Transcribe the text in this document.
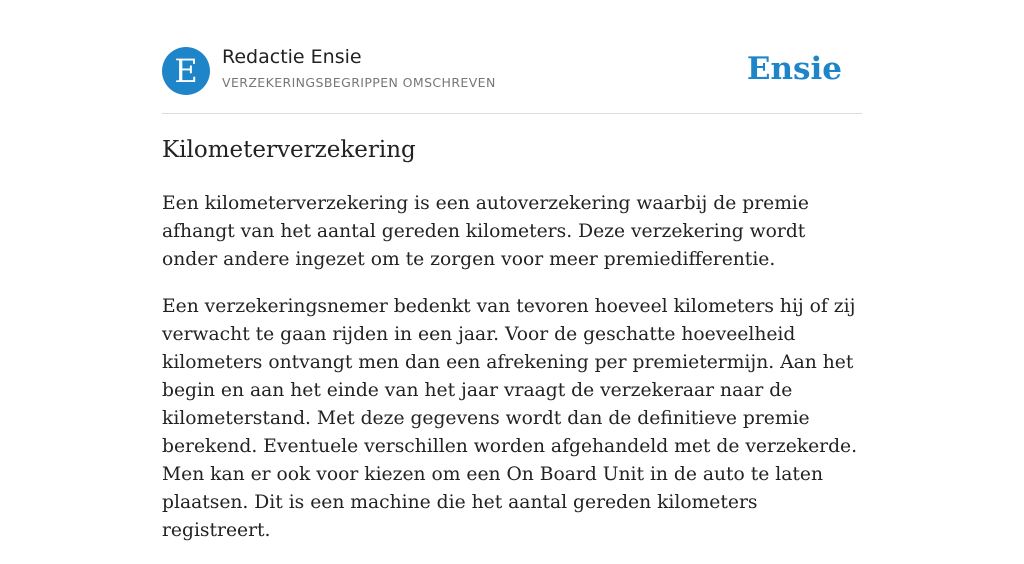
E	Redactie Ensie
VERZEKERINGSBEGRIPPEN OMSCHREVEN	Ensie
Kilometerverzekering

Een kilometerverzekering is een autoverzekering waarbij de premie afhangt van het aantal gereden kilometers. Deze verzekering wordt onder andere ingezet om te zorgen voor meer premiedifferentie.

Een verzekeringsnemer bedenkt van tevoren hoeveel kilometers hij of zij verwacht te gaan rijden in een jaar. Voor de geschatte hoeveelheid kilometers ontvangt men dan een afrekening per premietermijn. Aan het begin en aan het einde van het jaar vraagt de verzekeraar naar de kilometerstand. Met deze gegevens wordt dan de definitieve premie berekend. Eventuele verschillen worden afgehandeld met de verzekerde. Men kan er ook voor kiezen om een On Board Unit in de auto te laten plaatsen. Dit is een machine die het aantal gereden kilometers registreert.
